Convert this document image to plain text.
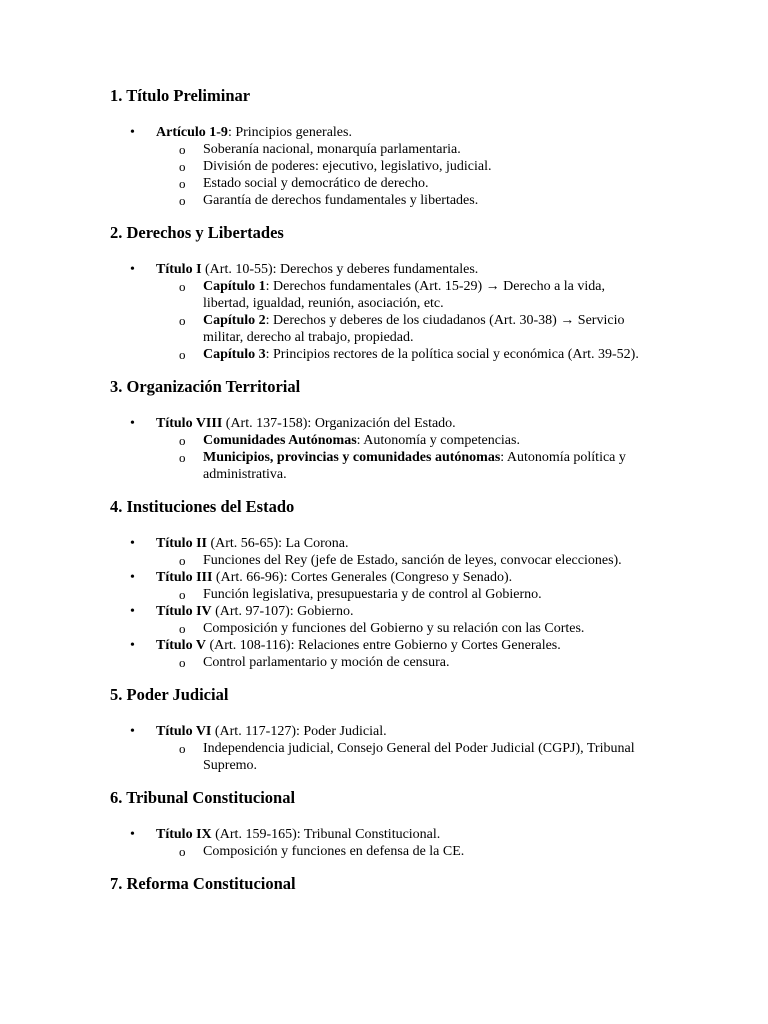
1. Título Preliminar
• Artículo 1-9: Principios generales.
o Soberanía nacional, monarquía parlamentaria.
o División de poderes: ejecutivo, legislativo, judicial.
o Estado social y democrático de derecho.
o Garantía de derechos fundamentales y libertades.
2. Derechos y Libertades
• Título I (Art. 10-55): Derechos y deberes fundamentales.
o Capítulo 1: Derechos fundamentales (Art. 15-29) → Derecho a la vida, libertad, igualdad, reunión, asociación, etc.
o Capítulo 2: Derechos y deberes de los ciudadanos (Art. 30-38) → Servicio militar, derecho al trabajo, propiedad.
o Capítulo 3: Principios rectores de la política social y económica (Art. 39-52).
3. Organización Territorial
• Título VIII (Art. 137-158): Organización del Estado.
o Comunidades Autónomas: Autonomía y competencias.
o Municipios, provincias y comunidades autónomas: Autonomía política y administrativa.
4. Instituciones del Estado
• Título II (Art. 56-65): La Corona.
o Funciones del Rey (jefe de Estado, sanción de leyes, convocar elecciones).
• Título III (Art. 66-96): Cortes Generales (Congreso y Senado).
o Función legislativa, presupuestaria y de control al Gobierno.
• Título IV (Art. 97-107): Gobierno.
o Composición y funciones del Gobierno y su relación con las Cortes.
• Título V (Art. 108-116): Relaciones entre Gobierno y Cortes Generales.
o Control parlamentario y moción de censura.
5. Poder Judicial
• Título VI (Art. 117-127): Poder Judicial.
o Independencia judicial, Consejo General del Poder Judicial (CGPJ), Tribunal Supremo.
6. Tribunal Constitucional
• Título IX (Art. 159-165): Tribunal Constitucional.
o Composición y funciones en defensa de la CE.
7. Reforma Constitucional
